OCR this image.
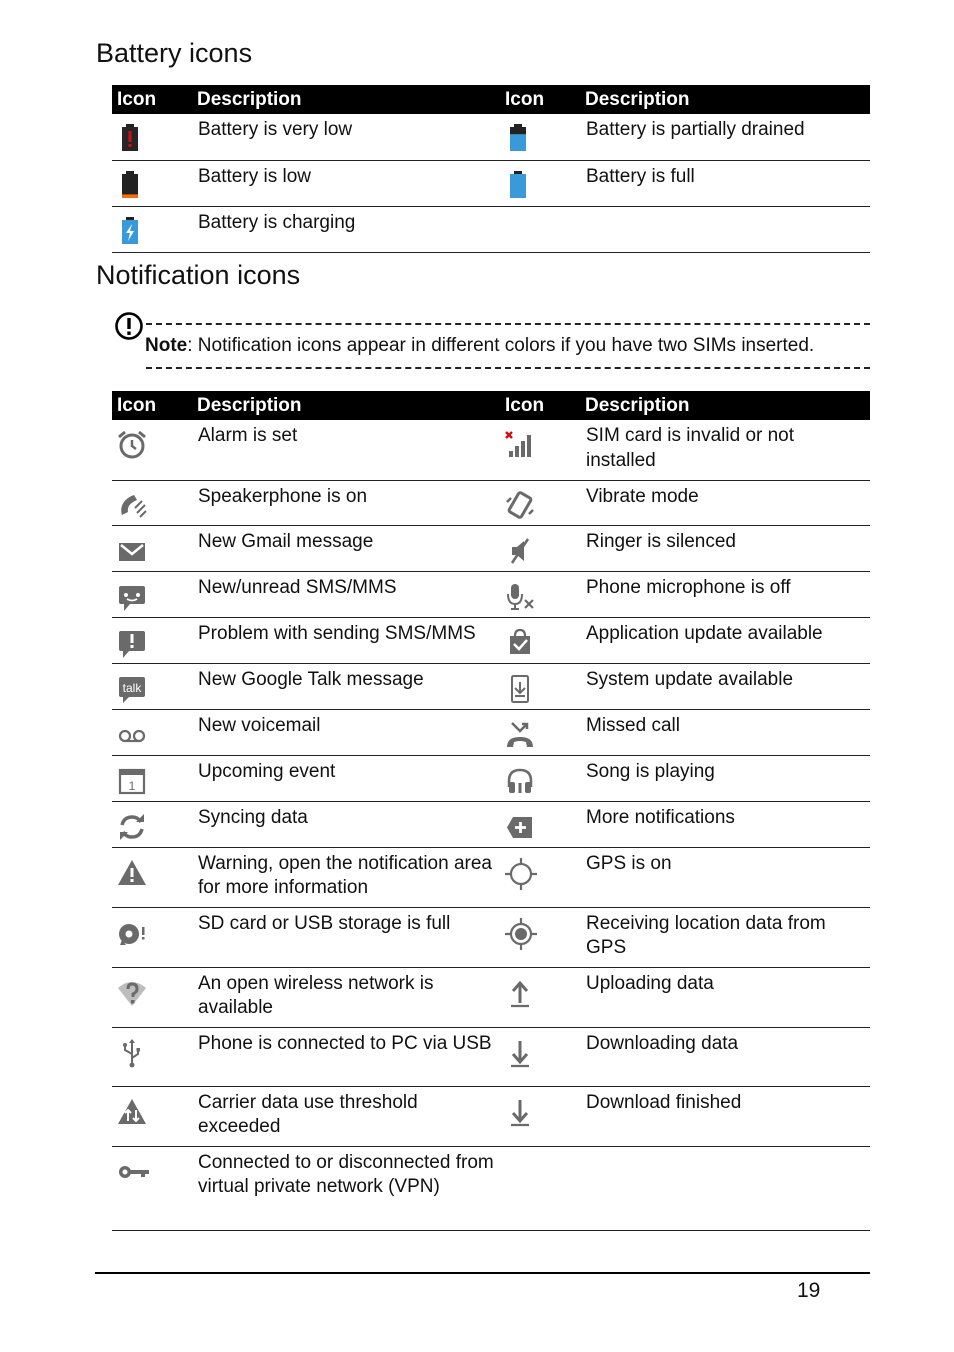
Battery icons
Icon	Description	Icon	Description

	Battery is very low		Battery is partially drained

	Battery is low		Battery is full

	Battery is charging		
Notification icons
Note: Notification icons appear in different colors if you have two SIMs inserted.
Icon	Description	Icon	Description

	Alarm is set		SIM card is invalid or not installed

	Speakerphone is on		Vibrate mode

	New Gmail message		Ringer is silenced

	New/unread SMS/MMS		Phone microphone is off

	Problem with sending SMS/MMS		Application update available

talk	New Google Talk message		System update available

	New voicemail		Missed call

1	Upcoming event		Song is playing

	Syncing data		More notifications

	Warning, open the notification area for more information		GPS is on

	SD card or USB storage is full		Receiving location data from GPS

	An open wireless network is available		Uploading data

	Phone is connected to PC via USB		Downloading data

	Carrier data use threshold exceeded		Download finished

	Connected to or disconnected from virtual private network (VPN)		
19
